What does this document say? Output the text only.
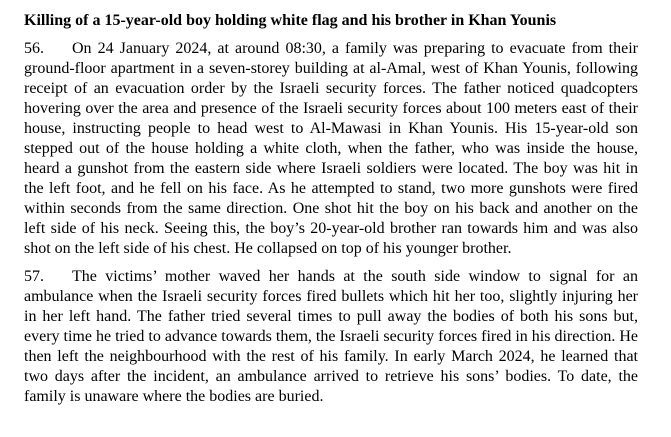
Killing of a 15-year-old boy holding white flag and his brother in Khan Younis

56. On 24 January 2024, at around 08:30, a family was preparing to evacuate from their ground-floor apartment in a seven-storey building at al-Amal, west of Khan Younis, following receipt of an evacuation order by the Israeli security forces. The father noticed quadcopters hovering over the area and presence of the Israeli security forces about 100 meters east of their house, instructing people to head west to Al-Mawasi in Khan Younis. His 15-year-old son stepped out of the house holding a white cloth, when the father, who was inside the house, heard a gunshot from the eastern side where Israeli soldiers were located. The boy was hit in the left foot, and he fell on his face. As he attempted to stand, two more gunshots were fired within seconds from the same direction. One shot hit the boy on his back and another on the left side of his neck. Seeing this, the boy’s 20-year-old brother ran towards him and was also shot on the left side of his chest. He collapsed on top of his younger brother.

57. The victims’ mother waved her hands at the south side window to signal for an ambulance when the Israeli security forces fired bullets which hit her too, slightly injuring her in her left hand. The father tried several times to pull away the bodies of both his sons but, every time he tried to advance towards them, the Israeli security forces fired in his direction. He then left the neighbourhood with the rest of his family. In early March 2024, he learned that two days after the incident, an ambulance arrived to retrieve his sons’ bodies. To date, the family is unaware where the bodies are buried.
